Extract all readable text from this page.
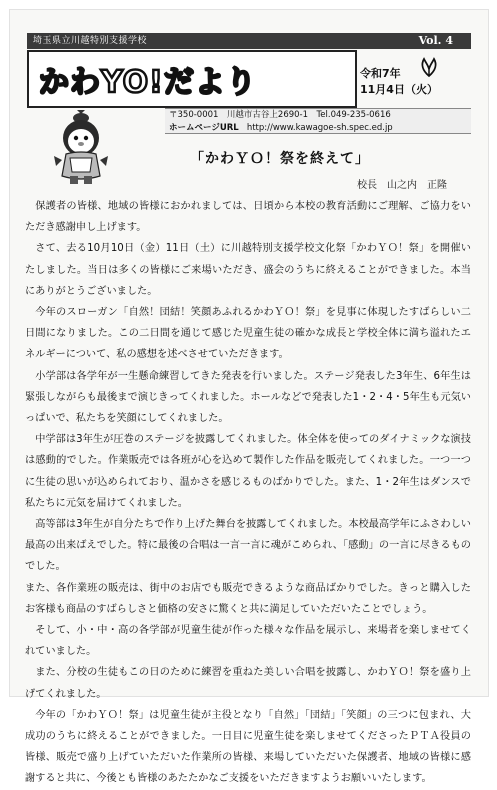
埼玉県立川越特別支援学校	Vol. 4
かわYO!だより	令和7年
11月4日（火）
〒350-0001　川越市古谷上2690-1　Tel.049-235-0616
ホームページURL http://www.kawagoe-sh.spec.ed.jp
「かわＹＯ！祭を終えて」
校長　山之内　正隆

保護者の皆様、地域の皆様におかれましては、日頃から本校の教育活動にご理解、ご協力をいただき感謝申し上げます。

さて、去る10月10日（金）11日（土）に川越特別支援学校文化祭「かわＹＯ！祭」を開催いたしました。当日は多くの皆様にご来場いただき、盛会のうちに終えることができました。本当にありがとうございました。

今年のスローガン「自然！団結！笑顔あふれるかわＹＯ！祭」を見事に体現したすばらしい二日間になりました。この二日間を通じて感じた児童生徒の確かな成長と学校全体に満ち溢れたエネルギーについて、私の感想を述べさせていただきます。

小学部は各学年が一生懸命練習してきた発表を行いました。ステージ発表した3年生、6年生は緊張しながらも最後まで演じきってくれました。ホールなどで発表した1・2・4・5年生も元気いっぱいで、私たちを笑顔にしてくれました。

中学部は3年生が圧巻のステージを披露してくれました。体全体を使ってのダイナミックな演技は感動的でした。作業販売では各班が心を込めて製作した作品を販売してくれました。一つ一つに生徒の思いが込められており、温かさを感じるものばかりでした。また、1・2年生はダンスで私たちに元気を届けてくれました。

高等部は3年生が自分たちで作り上げた舞台を披露してくれました。本校最高学年にふさわしい最高の出来ばえでした。特に最後の合唱は一言一言に魂がこめられ、「感動」の一言に尽きるものでした。

また、各作業班の販売は、街中のお店でも販売できるような商品ばかりでした。きっと購入したお客様も商品のすばらしさと価格の安さに驚くと共に満足していただいたことでしょう。

そして、小・中・高の各学部が児童生徒が作った様々な作品を展示し、来場者を楽しませてくれていました。

また、分校の生徒もこの日のために練習を重ねた美しい合唱を披露し、かわＹＯ！祭を盛り上げてくれました。

今年の「かわＹＯ！祭」は児童生徒が主役となり「自然」「団結」「笑顔」の三つに包まれ、大成功のうちに終えることができました。一日目に児童生徒を楽しませてくださったＰＴＡ役員の皆様、販売で盛り上げていただいた作業所の皆様、来場していただいた保護者、地域の皆様に感謝すると共に、今後とも皆様のあたたかなご支援をいただきますようお願いいたします。
